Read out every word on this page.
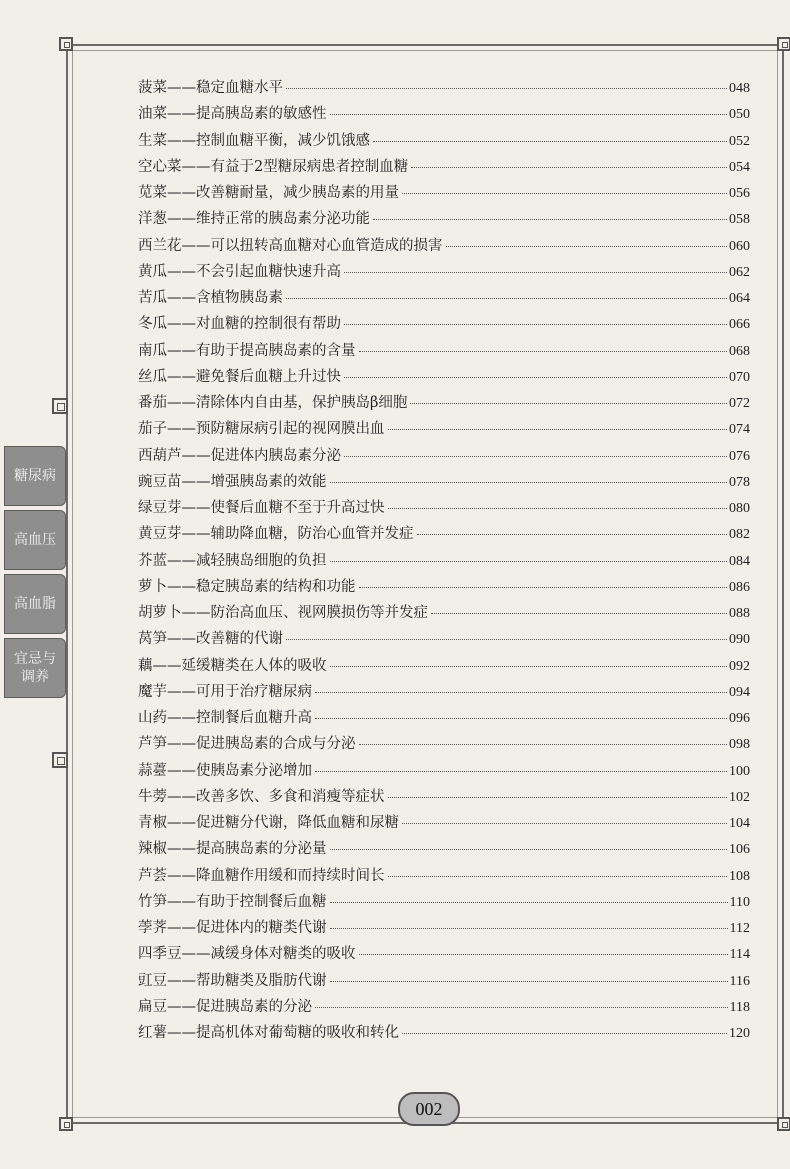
糖尿病
高血压
高血脂
宜忌与调养
菠菜——稳定血糖水平	048
油菜——提高胰岛素的敏感性	050
生菜——控制血糖平衡，减少饥饿感	052
空心菜——有益于2型糖尿病患者控制血糖	054
苋菜——改善糖耐量，减少胰岛素的用量	056
洋葱——维持正常的胰岛素分泌功能	058
西兰花——可以扭转高血糖对心血管造成的损害	060
黄瓜——不会引起血糖快速升高	062
苦瓜——含植物胰岛素	064
冬瓜——对血糖的控制很有帮助	066
南瓜——有助于提高胰岛素的含量	068
丝瓜——避免餐后血糖上升过快	070
番茄——清除体内自由基，保护胰岛β细胞	072
茄子——预防糖尿病引起的视网膜出血	074
西葫芦——促进体内胰岛素分泌	076
豌豆苗——增强胰岛素的效能	078
绿豆芽——使餐后血糖不至于升高过快	080
黄豆芽——辅助降血糖，防治心血管并发症	082
芥蓝——减轻胰岛细胞的负担	084
萝卜——稳定胰岛素的结构和功能	086
胡萝卜——防治高血压、视网膜损伤等并发症	088
莴笋——改善糖的代谢	090
藕——延缓糖类在人体的吸收	092
魔芋——可用于治疗糖尿病	094
山药——控制餐后血糖升高	096
芦笋——促进胰岛素的合成与分泌	098
蒜薹——使胰岛素分泌增加	100
牛蒡——改善多饮、多食和消瘦等症状	102
青椒——促进糖分代谢，降低血糖和尿糖	104
辣椒——提高胰岛素的分泌量	106
芦荟——降血糖作用缓和而持续时间长	108
竹笋——有助于控制餐后血糖	110
荸荠——促进体内的糖类代谢	112
四季豆——减缓身体对糖类的吸收	114
豇豆——帮助糖类及脂肪代谢	116
扁豆——促进胰岛素的分泌	118
红薯——提高机体对葡萄糖的吸收和转化	120
002
